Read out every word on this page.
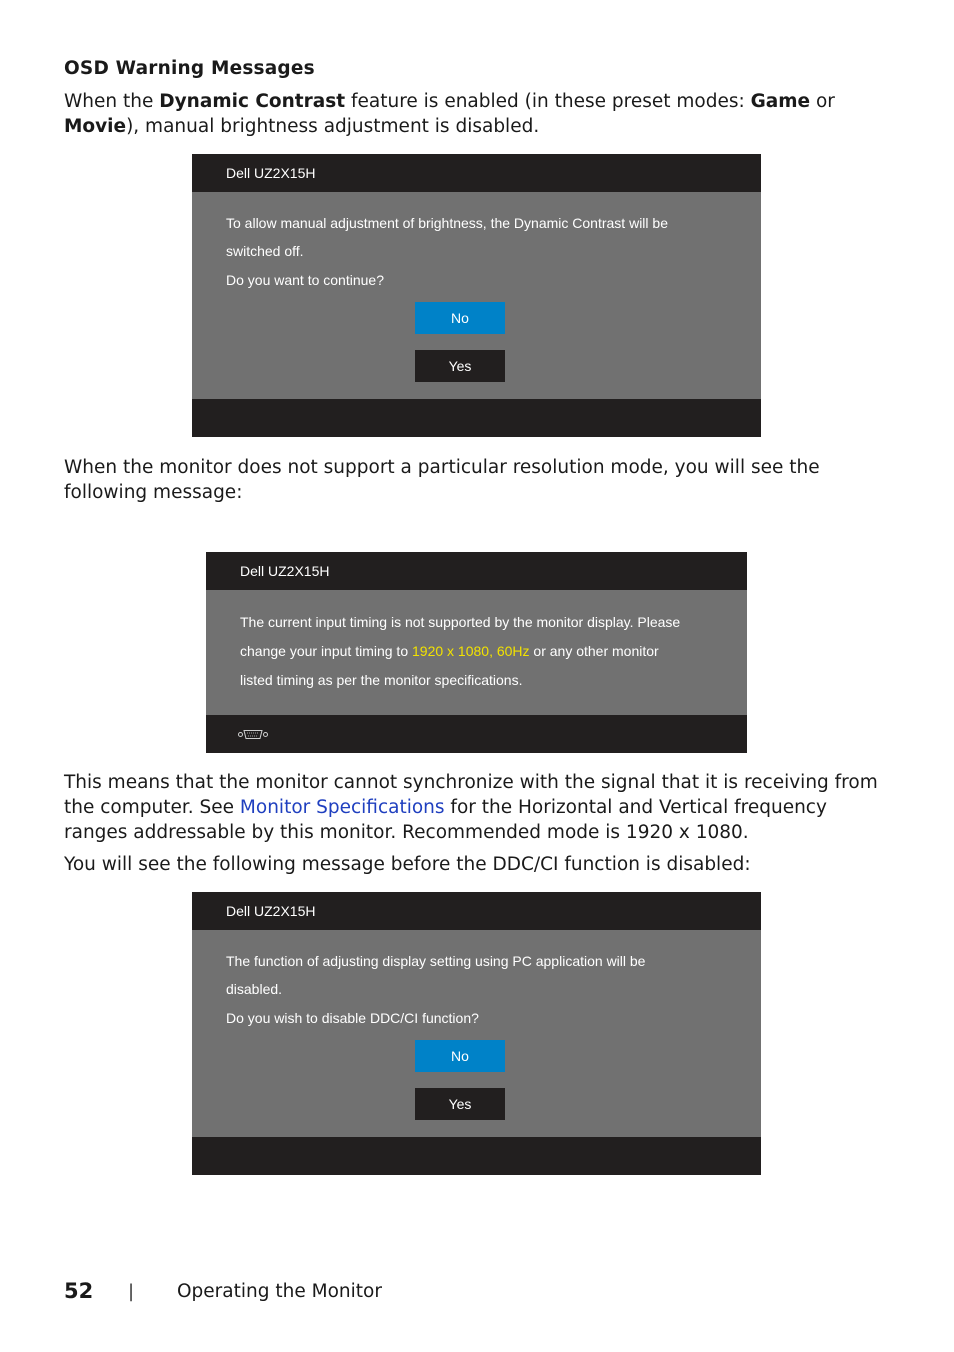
OSD Warning Messages

When the Dynamic Contrast feature is enabled (in these preset modes: Game or Movie), manual brightness adjustment is disabled.

Dell UZ2X15H
To allow manual adjustment of brightness, the Dynamic Contrast will be
switched off.
Do you want to continue?
No
Yes

When the monitor does not support a particular resolution mode, you will see the following message:

Dell UZ2X15H
The current input timing is not supported by the monitor display. Please
change your input timing to 1920 x 1080, 60Hz or any other monitor
listed timing as per the monitor specifications.

This means that the monitor cannot synchronize with the signal that it is receiving from the computer. See Monitor Specifications for the Horizontal and Vertical frequency ranges addressable by this monitor. Recommended mode is 1920 x 1080.

You will see the following message before the DDC/CI function is disabled:

Dell UZ2X15H
The function of adjusting display setting using PC application will be
disabled.
Do you wish to disable DDC/CI function?
No
Yes

52 | Operating the Monitor
